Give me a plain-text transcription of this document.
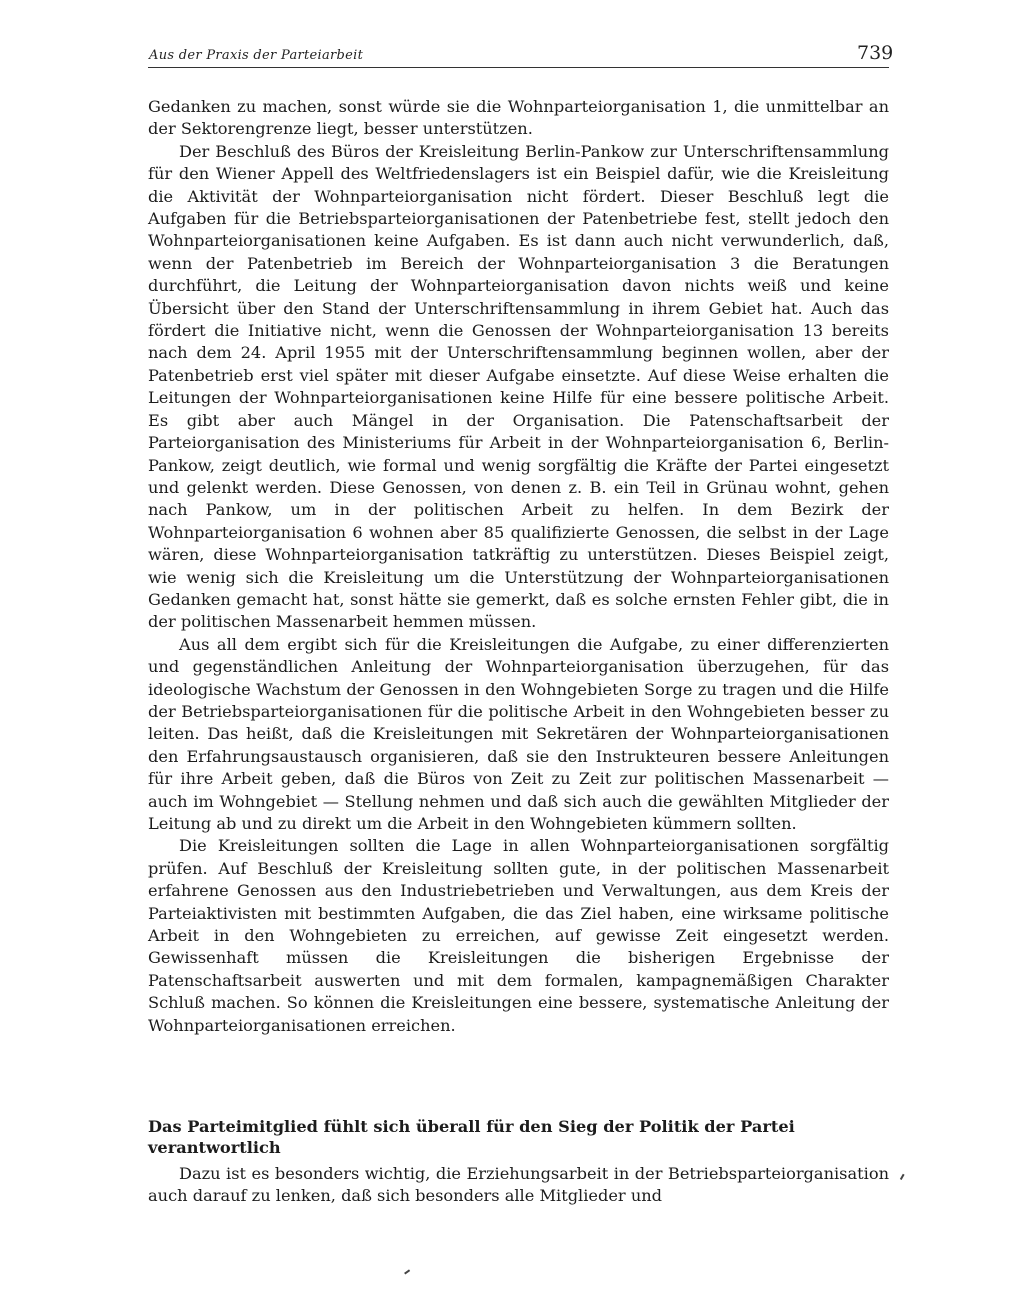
Aus der Praxis der Parteiarbeit	739

Gedanken zu machen, sonst würde sie die Wohnparteiorganisation 1, die unmittelbar an der Sektorengrenze liegt, besser unterstützen.

Der Beschluß des Büros der Kreisleitung Berlin-Pankow zur Unterschriftensammlung für den Wiener Appell des Weltfriedenslagers ist ein Beispiel dafür, wie die Kreisleitung die Aktivität der Wohnparteiorganisation nicht fördert. Dieser Beschluß legt die Aufgaben für die Betriebsparteiorganisationen der Patenbetriebe fest, stellt jedoch den Wohnparteiorganisationen keine Aufgaben. Es ist dann auch nicht verwunderlich, daß, wenn der Patenbetrieb im Bereich der Wohnparteiorganisation 3 die Beratungen durchführt, die Leitung der Wohnparteiorganisation davon nichts weiß und keine Übersicht über den Stand der Unterschriftensammlung in ihrem Gebiet hat. Auch das fördert die Initiative nicht, wenn die Genossen der Wohnparteiorganisation 13 bereits nach dem 24. April 1955 mit der Unterschriftensammlung beginnen wollen, aber der Patenbetrieb erst viel später mit dieser Aufgabe einsetzte. Auf diese Weise erhalten die Leitungen der Wohnparteiorganisationen keine Hilfe für eine bessere politische Arbeit. Es gibt aber auch Mängel in der Organisation. Die Patenschaftsarbeit der Parteiorganisation des Ministeriums für Arbeit in der Wohnparteiorganisation 6, Berlin-Pankow, zeigt deutlich, wie formal und wenig sorgfältig die Kräfte der Partei eingesetzt und gelenkt werden. Diese Genossen, von denen z. B. ein Teil in Grünau wohnt, gehen nach Pankow, um in der politischen Arbeit zu helfen. In dem Bezirk der Wohnparteiorganisation 6 wohnen aber 85 qualifizierte Genossen, die selbst in der Lage wären, diese Wohnparteiorganisation tatkräftig zu unterstützen. Dieses Beispiel zeigt, wie wenig sich die Kreisleitung um die Unterstützung der Wohnparteiorganisationen Gedanken gemacht hat, sonst hätte sie gemerkt, daß es solche ernsten Fehler gibt, die in der politischen Massenarbeit hemmen müssen.

Aus all dem ergibt sich für die Kreisleitungen die Aufgabe, zu einer differenzierten und gegenständlichen Anleitung der Wohnparteiorganisation überzugehen, für das ideologische Wachstum der Genossen in den Wohngebieten Sorge zu tragen und die Hilfe der Betriebsparteiorganisationen für die politische Arbeit in den Wohngebieten besser zu leiten. Das heißt, daß die Kreisleitungen mit Sekretären der Wohnparteiorganisationen den Erfahrungsaustausch organisieren, daß sie den Instrukteuren bessere Anleitungen für ihre Arbeit geben, daß die Büros von Zeit zu Zeit zur politischen Massenarbeit — auch im Wohngebiet — Stellung nehmen und daß sich auch die gewählten Mitglieder der Leitung ab und zu direkt um die Arbeit in den Wohngebieten kümmern sollten.

Die Kreisleitungen sollten die Lage in allen Wohnparteiorganisationen sorgfältig prüfen. Auf Beschluß der Kreisleitung sollten gute, in der politischen Massenarbeit erfahrene Genossen aus den Industriebetrieben und Verwaltungen, aus dem Kreis der Parteiaktivisten mit bestimmten Aufgaben, die das Ziel haben, eine wirksame politische Arbeit in den Wohngebieten zu erreichen, auf gewisse Zeit eingesetzt werden. Gewissenhaft müssen die Kreisleitungen die bisherigen Ergebnisse der Patenschaftsarbeit auswerten und mit dem formalen, kampagnemäßigen Charakter Schluß machen. So können die Kreisleitungen eine bessere, systematische Anleitung der Wohnparteiorganisationen erreichen.

Das Parteimitglied fühlt sich überall für den Sieg der Politik der Partei verantwortlich

Dazu ist es besonders wichtig, die Erziehungsarbeit in der Betriebsparteiorganisation auch darauf zu lenken, daß sich besonders alle Mitglieder und
